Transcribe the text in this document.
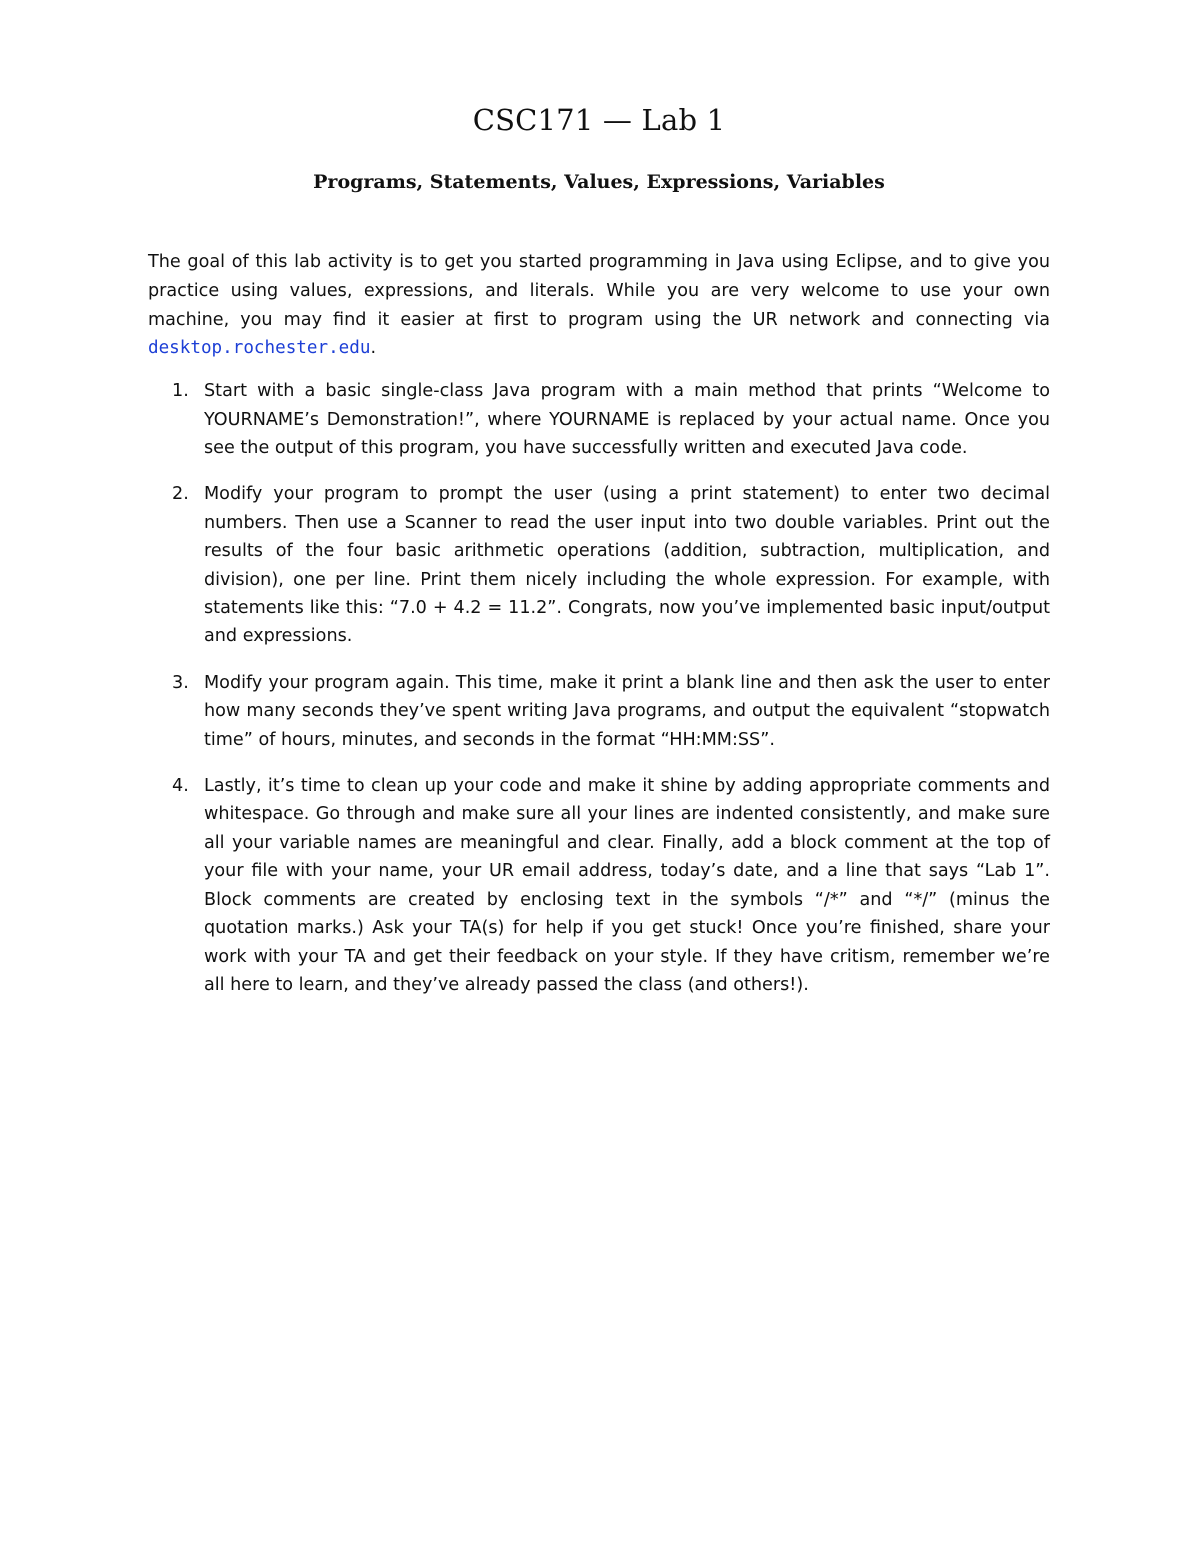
CSC171 — Lab 1
Programs, Statements, Values, Expressions, Variables

The goal of this lab activity is to get you started programming in Java using Eclipse, and to give you practice using values, expressions, and literals. While you are very welcome to use your own machine, you may find it easier at first to program using the UR network and connecting via desktop.rochester.edu.

1. Start with a basic single-class Java program with a main method that prints “Welcome to YOURNAME’s Demonstration!”, where YOURNAME is replaced by your actual name. Once you see the output of this program, you have successfully written and executed Java code.
2. Modify your program to prompt the user (using a print statement) to enter two decimal numbers. Then use a Scanner to read the user input into two double variables. Print out the results of the four basic arithmetic operations (addition, subtraction, multiplication, and division), one per line. Print them nicely including the whole expression. For example, with statements like this: “7.0 + 4.2 = 11.2”. Congrats, now you’ve implemented basic input/output and expressions.
3. Modify your program again. This time, make it print a blank line and then ask the user to enter how many seconds they’ve spent writing Java programs, and output the equivalent “stopwatch time” of hours, minutes, and seconds in the format “HH:MM:SS”.
4. Lastly, it’s time to clean up your code and make it shine by adding appropriate comments and whitespace. Go through and make sure all your lines are indented consistently, and make sure all your variable names are meaningful and clear. Finally, add a block comment at the top of your file with your name, your UR email address, today’s date, and a line that says “Lab 1”. Block comments are created by enclosing text in the symbols “/*” and “*/” (minus the quotation marks.) Ask your TA(s) for help if you get stuck! Once you’re finished, share your work with your TA and get their feedback on your style. If they have critism, remember we’re all here to learn, and they’ve already passed the class (and others!).
